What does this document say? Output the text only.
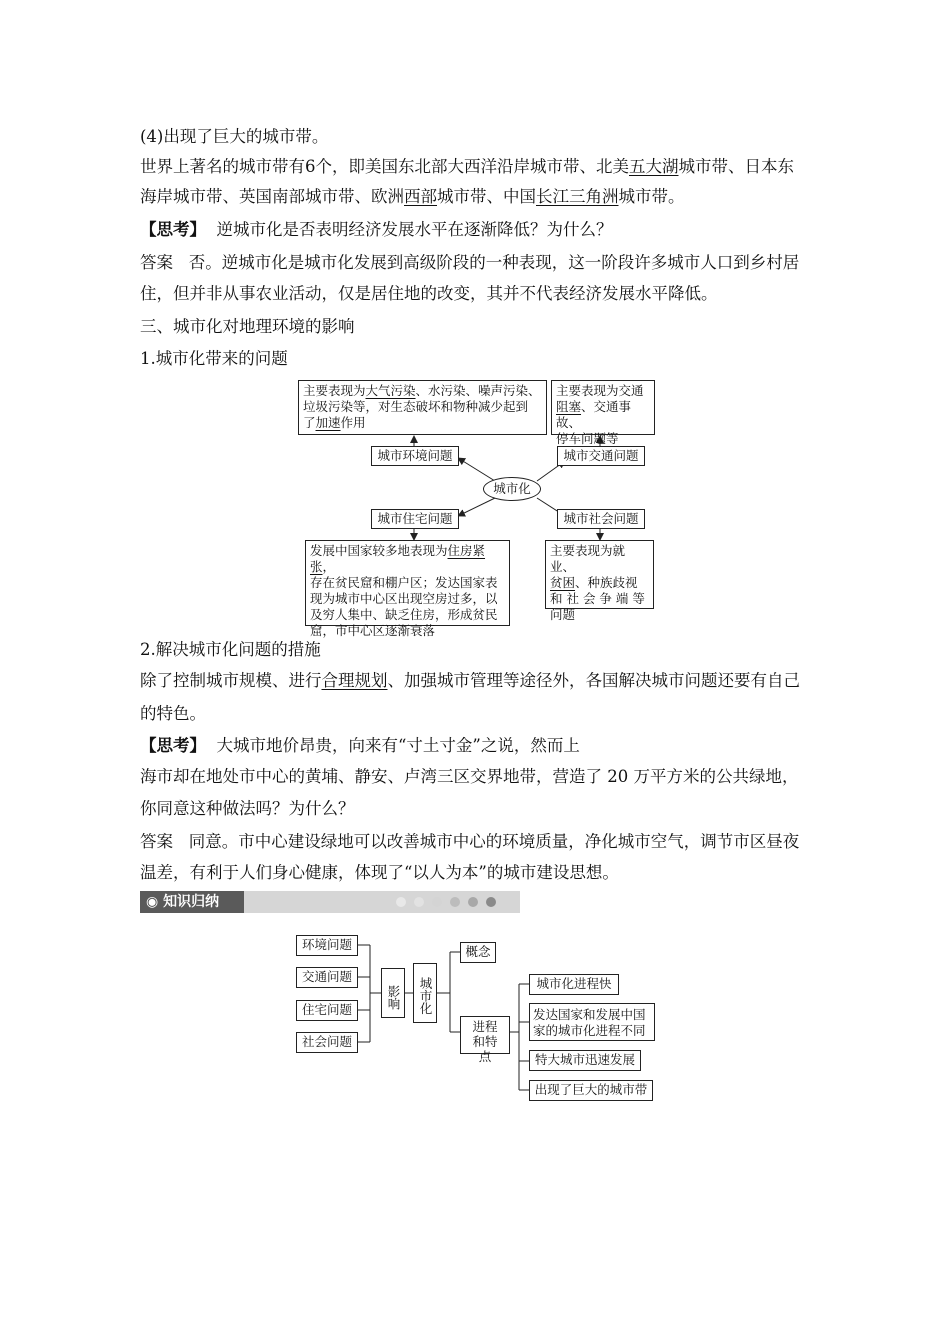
(4)出现了巨大的城市带。
世界上著名的城市带有6个，即美国东北部大西洋沿岸城市带、北美五大湖城市带、日本东
海岸城市带、英国南部城市带、欧洲西部城市带、中国长江三角洲城市带。
【思考】 逆城市化是否表明经济发展水平在逐渐降低？为什么？
答案 否。逆城市化是城市化发展到高级阶段的一种表现，这一阶段许多城市人口到乡村居
住，但并非从事农业活动，仅是居住地的改变，其并不代表经济发展水平降低。
三、城市化对地理环境的影响
1.城市化带来的问题
主要表现为大气污染、水污染、噪声污染、
垃圾污染等，对生态破坏和物种减少起到
了加速作用
主要表现为交通
阻塞、交通事故、
停车问题等
城市环境问题	城市交通问题
城市化
城市住宅问题	城市社会问题
发展中国家较多地表现为住房紧张，
存在贫民窟和棚户区；发达国家表
现为城市中心区出现空房过多，以
及穷人集中、缺乏住房，形成贫民
窟，市中心区逐渐衰落
主要表现为就业、
贫困、种族歧视
和 社 会 争 端 等
问题
2.解决城市化问题的措施
除了控制城市规模、进行合理规划、加强城市管理等途径外，各国解决城市问题还要有自己
的特色。
【思考】 大城市地价昂贵，向来有“寸土寸金”之说，然而上
海市却在地处市中心的黄埔、静安、卢湾三区交界地带，营造了 20 万平方米的公共绿地，
你同意这种做法吗？为什么？
答案 同意。市中心建设绿地可以改善城市中心的环境质量，净化城市空气，调节市区昼夜
温差，有利于人们身心健康，体现了“以人为本”的城市建设思想。
◉ 知识归纳
环境问题
交通问题
住宅问题
社会问题
影响	城市化
概念
进程和特点
城市化进程快
发达国家和发展中国家的城市化进程不同
特大城市迅速发展
出现了巨大的城市带
